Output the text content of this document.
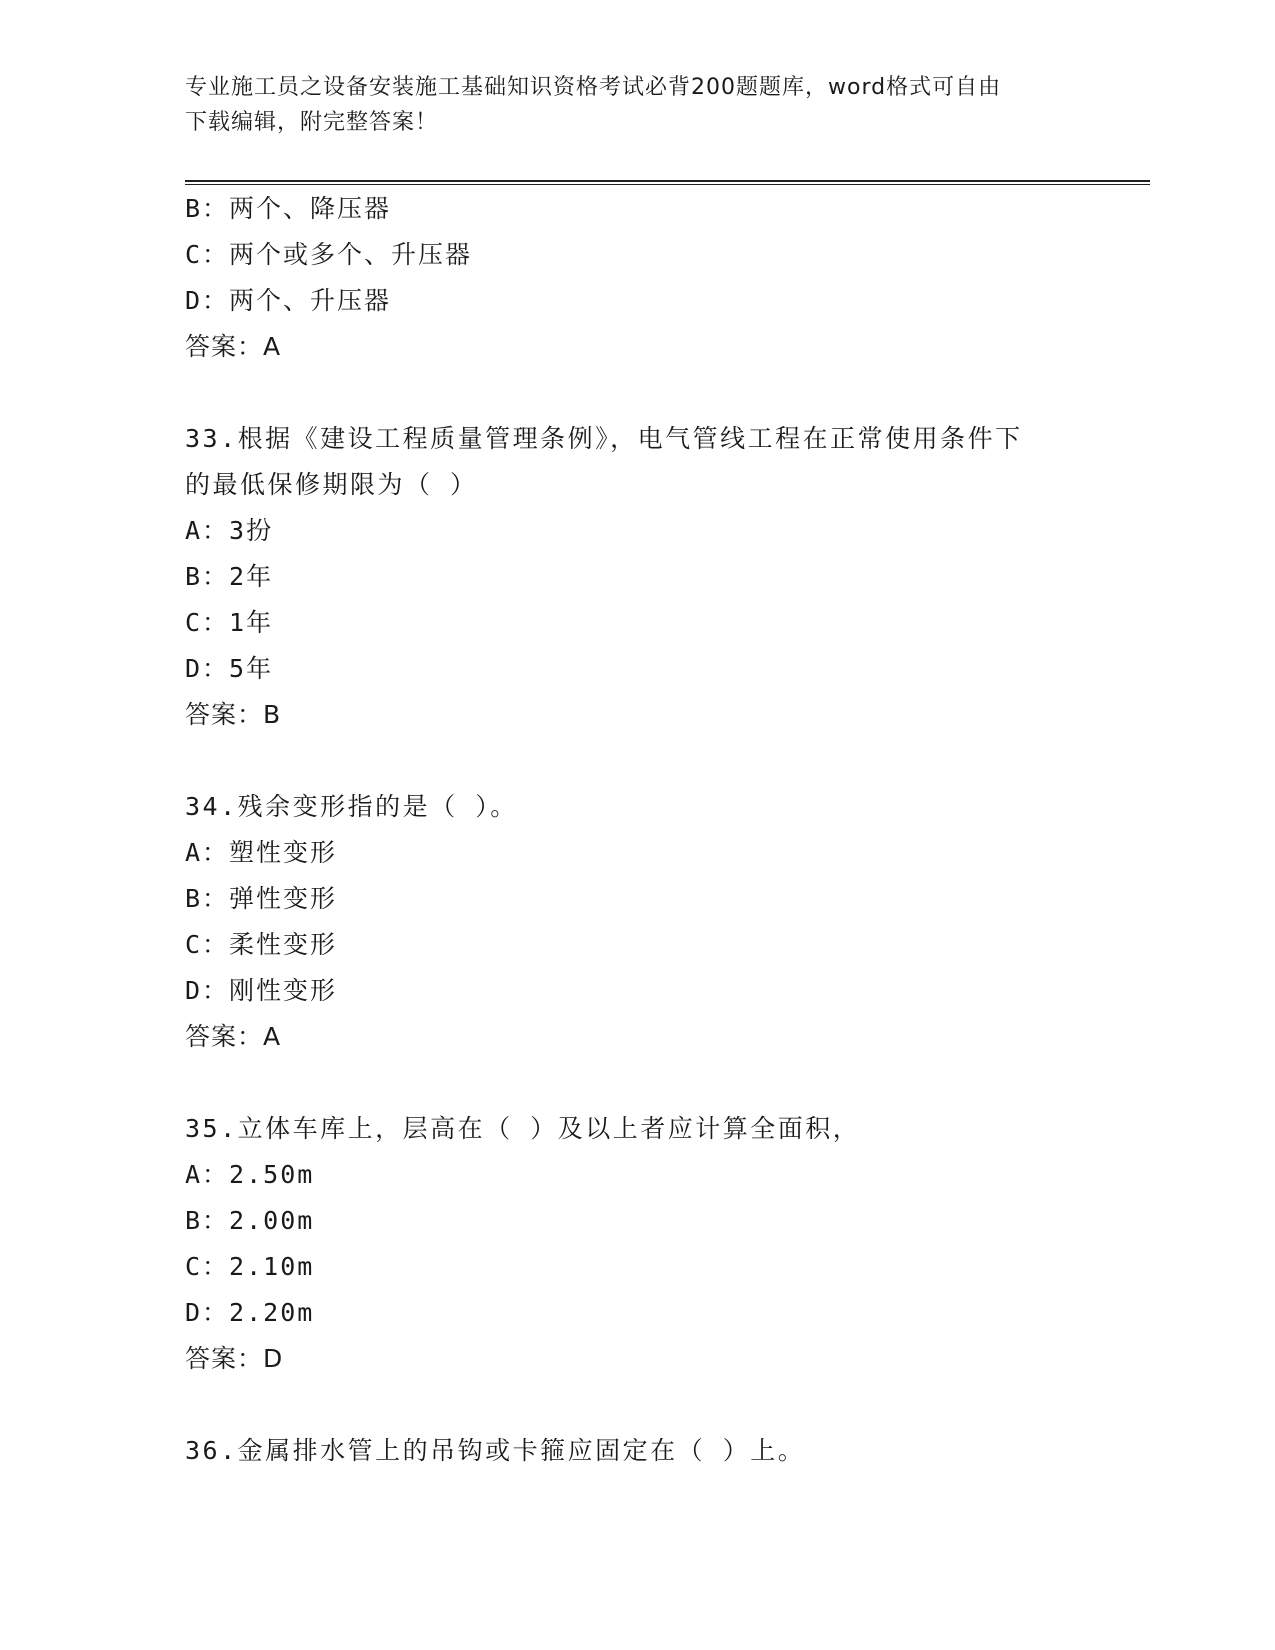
专业施工员之设备安装施工基础知识资格考试必背200题题库，word格式可自由
下载编辑，附完整答案！
B：两个、降压器
C：两个或多个、升压器
D：两个、升压器
答案：A
33.根据《建设工程质量管理条例》，电气管线工程在正常使用条件下
的最低保修期限为（ ）
A：3扮
B：2年
C：1年
D：5年
答案：B
34.残余变形指的是（ ）。
A：塑性变形
B：弹性变形
C：柔性变形
D：刚性变形
答案：A
35.立体车库上，层高在（ ）及以上者应计算全面积，
A：2.50m
B：2.00m
C：2.10m
D：2.20m
答案：D
36.金属排水管上的吊钩或卡箍应固定在（ ）上。
